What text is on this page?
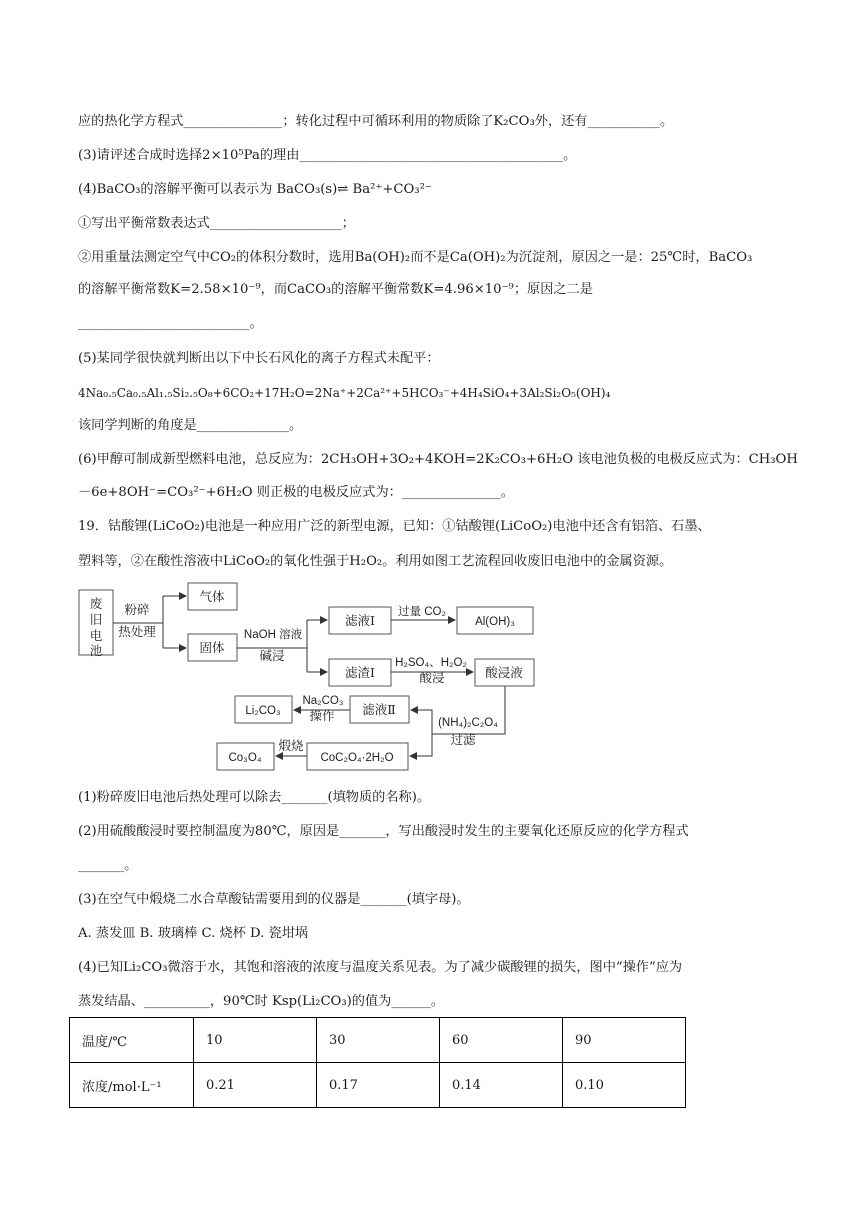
应的热化学方程式_______________；转化过程中可循环利用的物质除了K₂CO₃外，还有___________。
(3)请评述合成时选择2×10⁵Pa的理由________________________________________。
(4)BaCO₃的溶解平衡可以表示为 BaCO₃(s)⇌ Ba²⁺+CO₃²⁻
①写出平衡常数表达式____________________；
②用重量法测定空气中CO₂的体积分数时，选用Ba(OH)₂而不是Ca(OH)₂为沉淀剂，原因之一是：25℃时，BaCO₃
的溶解平衡常数K=2.58×10⁻⁹，而CaCO₃的溶解平衡常数K=4.96×10⁻⁹；原因之二是
__________________________。
(5)某同学很快就判断出以下中长石风化的离子方程式未配平：
4Na₀.₅Ca₀.₅Al₁.₅Si₂.₅O₈+6CO₂+17H₂O=2Na⁺+2Ca²⁺+5HCO₃⁻+4H₄SiO₄+3Al₂Si₂O₅(OH)₄
该同学判断的角度是______________。
(6)甲醇可制成新型燃料电池，总反应为：2CH₃OH+3O₂+4KOH=2K₂CO₃+6H₂O 该电池负极的电极反应式为：CH₃OH
－6e+8OH⁻=CO₃²⁻+6H₂O 则正极的电极反应式为：_______________。
19．钴酸锂(LiCoO₂)电池是一种应用广泛的新型电源，已知：①钴酸锂(LiCoO₂)电池中还含有铝箔、石墨、
塑料等，②在酸性溶液中LiCoO₂的氧化性强于H₂O₂。利用如图工艺流程回收废旧电池中的金属资源。
废
旧
电
池
粉碎
热处理
气体
固体
滤液Ⅰ
滤渣Ⅰ	酸浸液
滤液Ⅱ
碱浸
酸浸
操作
过滤
煅烧
NaOH 溶液
过量 CO₂
Al(OH)₃
H₂SO₄、H₂O₂
Li₂CO₃
Na₂CO₃
(NH₄)₂C₂O₄
Co₃O₄	CoC₂O₄·2H₂O
(1)粉碎废旧电池后热处理可以除去_______(填物质的名称)。
(2)用硫酸酸浸时要控制温度为80℃，原因是_______，写出酸浸时发生的主要氧化还原反应的化学方程式
_______。
(3)在空气中煅烧二水合草酸钴需要用到的仪器是_______(填字母)。
A. 蒸发皿 B. 玻璃棒 C. 烧杯 D. 瓷坩埚
(4)已知Li₂CO₃微溶于水，其饱和溶液的浓度与温度关系见表。为了减少碳酸锂的损失，图中“操作”应为
蒸发结晶、__________，90℃时 Ksp(Li₂CO₃)的值为______。
温度/℃	10	30	60	90
浓度/mol·L⁻¹	0.21	0.17	0.14	0.10
